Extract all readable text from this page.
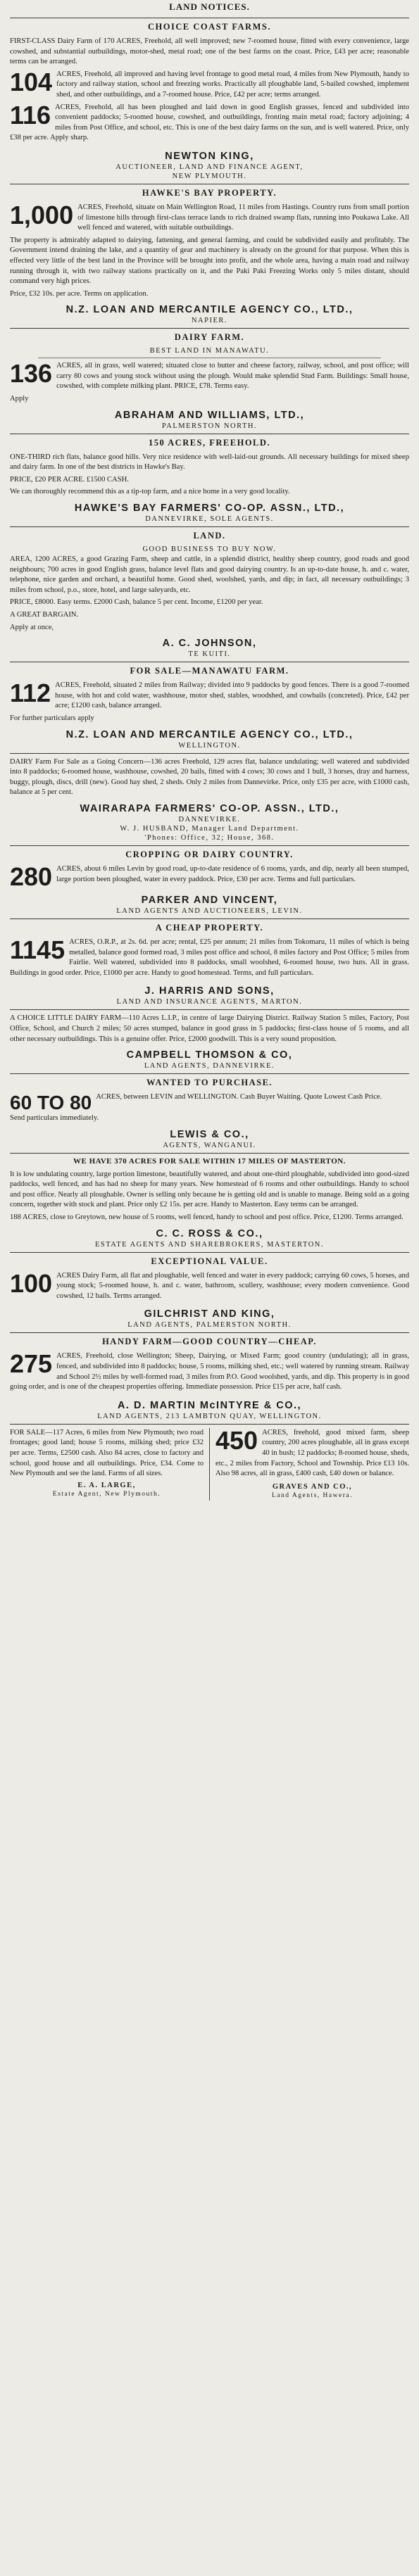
LAND NOTICES.
CHOICE COAST FARMS.

FIRST-CLASS Dairy Farm of 170 ACRES, Freehold, all well improved; new 7-roomed house, fitted with every convenience, large cowshed, and substantial outbuildings, motor-shed, metal road; one of the best farms on the coast. Price, £43 per acre; reasonable terms can be arranged.

104 ACRES, Freehold, all improved and having level frontage to good metal road, 4 miles from New Plymouth, handy to factory and railway station, school and freezing works. Practically all ploughable land, 5-bailed cowshed, implement shed, and other outbuildings, and a 7-roomed house. Price, £42 per acre; terms arranged.

116 ACRES, Freehold, all has been ploughed and laid down in good English grasses, fenced and subdivided into convenient paddocks; 5-roomed house, cowshed, and outbuildings, fronting main metal road; factory adjoining; 4 miles from Post Office, and school, etc. This is one of the best dairy farms on the sun, and is well watered. Price, only £38 per acre. Apply sharp.

NEWTON KING,
AUCTIONEER, LAND AND FINANCE AGENT,
NEW PLYMOUTH.
HAWKE'S BAY PROPERTY.

1,000 ACRES, Freehold, situate on Main Wellington Road, 11 miles from Hastings. Country runs from small portion of limestone hills through first-class terrace lands to rich drained swamp flats, running into Poukawa Lake. All well fenced and watered, with suitable outbuildings.

The property is admirably adapted to dairying, fattening, and general farming, and could be subdivided easily and profitably. The Government intend draining the lake, and a quantity of gear and machinery is already on the ground for that purpose. When this is effected very little of the best land in the Province will be brought into profit, and the whole area, having a main road and railway running through it, with two railway stations practically on it, and the Paki Paki Freezing Works only 5 miles distant, should command very high prices.

Price, £32 10s. per acre. Terms on application.

N.Z. LOAN AND MERCANTILE AGENCY CO., LTD.,
NAPIER.
DAIRY FARM.
BEST LAND IN MANAWATU.

136 ACRES, all in grass, well watered; situated close to butter and cheese factory, railway, school, and post office; will carry 80 cows and young stock without using the plough. Would make splendid Stud Farm. Buildings: Small house, cowshed, with complete milking plant. PRICE, £78. Terms easy.

Apply

ABRAHAM AND WILLIAMS, LTD.,
PALMERSTON NORTH.
150 ACRES, FREEHOLD.

ONE-THIRD rich flats, balance good hills. Very nice residence with well-laid-out grounds. All necessary buildings for mixed sheep and dairy farm. In one of the best districts in Hawke's Bay.

PRICE, £20 PER ACRE. £1500 CASH.

We can thoroughly recommend this as a tip-top farm, and a nice home in a very good locality.

HAWKE'S BAY FARMERS' CO-OP. ASSN., LTD.,
DANNEVIRKE, SOLE AGENTS.
LAND.
GOOD BUSINESS TO BUY NOW.

AREA, 1200 ACRES, a good Grazing Farm, sheep and cattle, in a splendid district, healthy sheep country, good roads and good neighbours; 700 acres in good English grass, balance level flats and good dairying country. Is an up-to-date house, h. and c. water, telephone, nice garden and orchard, a beautiful home. Good shed, woolshed, yards, and dip; in fact, all necessary outbuildings; 3 miles from school, p.o., store, hotel, and large saleyards, etc.

PRICE, £8000. Easy terms. £2000 Cash, balance 5 per cent. Income, £1200 per year.

A GREAT BARGAIN.

Apply at once,

A. C. JOHNSON,
TE KUITI.
FOR SALE—MANAWATU FARM.

112 ACRES, Freehold, situated 2 miles from Railway; divided into 9 paddocks by good fences. There is a good 7-roomed house, with hot and cold water, washhouse, motor shed, stables, woodshed, and cowbails (concreted). Price, £42 per acre; £1200 cash, balance arranged.

For further particulars apply

N.Z. LOAN AND MERCANTILE AGENCY CO., LTD.,
WELLINGTON.

DAIRY Farm For Sale as a Going Concern—136 acres Freehold, 129 acres flat, balance undulating; well watered and subdivided into 8 paddocks; 6-roomed house, washhouse, cowshed, 20 bails, fitted with 4 cows; 30 cows and 1 bull, 3 horses, dray and harness, buggy, plough, discs, drill (new). Good hay shed, 2 sheds. Only 2 miles from Dannevirke. Price, only £35 per acre, with £1000 cash, balance at 5 per cent.

WAIRARAPA FARMERS' CO-OP. ASSN., LTD.,
DANNEVIRKE.
W. J. HUSBAND, Manager Land Department.
'Phones: Office, 32; House, 368.
CROPPING OR DAIRY COUNTRY.

280 ACRES, about 6 miles Levin by good road, up-to-date residence of 6 rooms, yards, and dip, nearly all been stumped, large portion been ploughed, water in every paddock. Price, £30 per acre. Terms and full particulars.

PARKER AND VINCENT,
LAND AGENTS AND AUCTIONEERS, LEVIN.
A CHEAP PROPERTY.

1145 ACRES, O.R.P., at 2s. 6d. per acre; rental, £25 per annum; 21 miles from Tokomaru, 11 miles of which is being metalled, balance good formed road, 3 miles post office and school, 8 miles factory and Post Office; 5 miles from Fairlie. Well watered, subdivided into 8 paddocks, small woolshed, 6-roomed house, two huts. All in grass. Buildings in good order. Price, £1000 per acre. Handy to good homestead. Terms, and full particulars.

J. HARRIS AND SONS,
LAND AND INSURANCE AGENTS, MARTON.

A CHOICE LITTLE DAIRY FARM—110 Acres L.I.P., in centre of large Dairying District. Railway Station 5 miles, Factory, Post Office, School, and Church 2 miles; 50 acres stumped, balance in good grass in 5 paddocks; first-class house of 5 rooms, and all other necessary outbuildings. This is a genuine offer. Price, £2000 goodwill. This is a very sound proposition.

CAMPBELL THOMSON & CO,
LAND AGENTS, DANNEVIRKE.
WANTED TO PURCHASE.

60 TO 80 ACRES, between LEVIN and WELLINGTON. Cash Buyer Waiting. Quote Lowest Cash Price.

Send particulars immediately.

LEWIS & CO.,
AGENTS, WANGANUI.
WE HAVE 370 ACRES FOR SALE WITHIN 17 MILES OF MASTERTON.

It is low undulating country, large portion limestone, beautifully watered, and about one-third ploughable, subdivided into good-sized paddocks, well fenced, and has had no sheep for many years. New homestead of 6 rooms and other outbuildings. Handy to school and post office. Nearly all ploughable. Owner is selling only because he is getting old and is unable to manage. Being sold as a going concern, together with stock and plant. Price only £2 15s. per acre. Handy to Masterton. Easy terms can be arranged.

188 ACRES, close to Greytown, new house of 5 rooms, well fenced, handy to school and post office. Price, £1200. Terms arranged.

C. C. ROSS & CO.,
ESTATE AGENTS AND SHAREBROKERS, MASTERTON.
EXCEPTIONAL VALUE.

100 ACRES Dairy Farm, all flat and ploughable, well fenced and water in every paddock; carrying 60 cows, 5 horses, and young stock; 5-roomed house, h. and c. water, bathroom, scullery, washhouse; every modern convenience. Good cowshed, 12 bails. Terms arranged.

GILCHRIST AND KING,
LAND AGENTS, PALMERSTON NORTH.
HANDY FARM—GOOD COUNTRY—CHEAP.

275 ACRES, Freehold, close Wellington; Sheep, Dairying, or Mixed Farm; good country (undulating); all in grass, fenced, and subdivided into 8 paddocks; house, 5 rooms, milking shed, etc.; well watered by running stream. Railway and School 2½ miles by well-formed road, 3 miles from P.O. Good woolshed, yards, and dip. This property is in good going order, and is one of the cheapest properties offering. Immediate possession. Price £15 per acre, half cash.

A. D. MARTIN McINTYRE & CO.,
LAND AGENTS, 213 LAMBTON QUAY, WELLINGTON.

FOR SALE—117 Acres, 6 miles from New Plymouth; two road frontages; good land; house 5 rooms, milking shed; price £32 per acre. Terms, £2500 cash. Also 84 acres, close to factory and school, good house and all outbuildings. Price, £34. Come to New Plymouth and see the land. Farms of all sizes.

E. A. LARGE,
Estate Agent, New Plymouth.

450 ACRES, freehold, good mixed farm, sheep country, 200 acres ploughable, all in grass except 40 in bush; 12 paddocks; 8-roomed house, sheds, etc., 2 miles from Factory, School and Township. Price £13 10s. Also 98 acres, all in grass, £400 cash, £40 down or balance.

GRAVES AND CO.,
Land Agents, Hawera.
